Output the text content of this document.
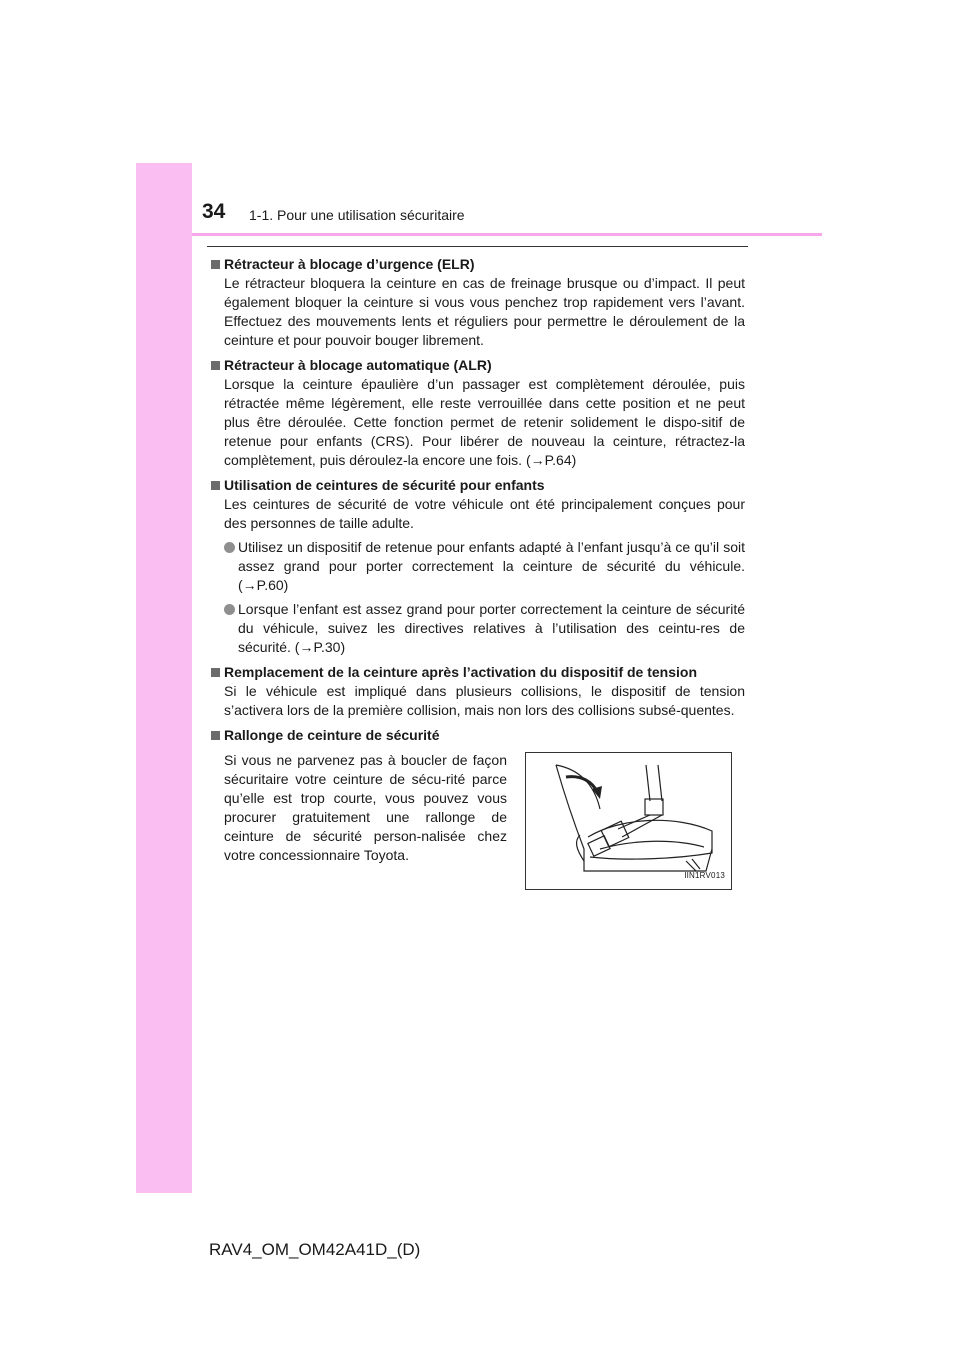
34 1-1. Pour une utilisation sécuritaire
Rétracteur à blocage d’urgence (ELR)
Le rétracteur bloquera la ceinture en cas de freinage brusque ou d’impact. Il peut également bloquer la ceinture si vous vous penchez trop rapidement vers l’avant. Effectuez des mouvements lents et réguliers pour permettre le déroulement de la ceinture et pour pouvoir bouger librement.
Rétracteur à blocage automatique (ALR)
Lorsque la ceinture épaulière d’un passager est complètement déroulée, puis rétractée même légèrement, elle reste verrouillée dans cette position et ne peut plus être déroulée. Cette fonction permet de retenir solidement le dispo-sitif de retenue pour enfants (CRS). Pour libérer de nouveau la ceinture, rétractez-la complètement, puis déroulez-la encore une fois. (→P.64)
Utilisation de ceintures de sécurité pour enfants
Les ceintures de sécurité de votre véhicule ont été principalement conçues pour des personnes de taille adulte.
Utilisez un dispositif de retenue pour enfants adapté à l’enfant jusqu’à ce qu’il soit assez grand pour porter correctement la ceinture de sécurité du véhicule. (→P.60)
Lorsque l’enfant est assez grand pour porter correctement la ceinture de sécurité du véhicule, suivez les directives relatives à l’utilisation des ceintu-res de sécurité. (→P.30)
Remplacement de la ceinture après l’activation du dispositif de tension
Si le véhicule est impliqué dans plusieurs collisions, le dispositif de tension s’activera lors de la première collision, mais non lors des collisions subsé-quentes.
Rallonge de ceinture de sécurité
Si vous ne parvenez pas à boucler de façon sécuritaire votre ceinture de sécu-rité parce qu’elle est trop courte, vous pouvez vous procurer gratuitement une rallonge de ceinture de sécurité person-nalisée chez votre concessionnaire Toyota.
IIN1RV013
RAV4_OM_OM42A41D_(D)
